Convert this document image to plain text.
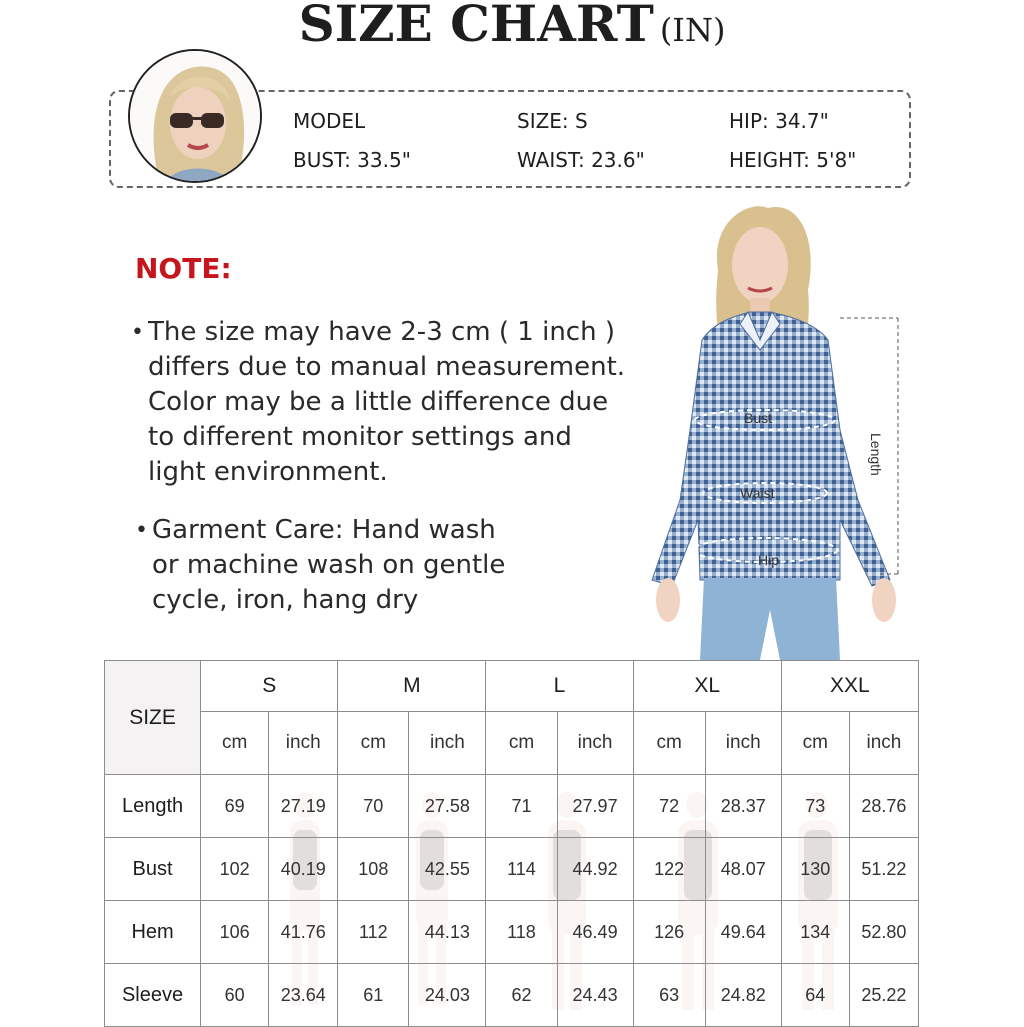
SIZE CHART (IN)
MODEL	SIZE: S	HIP: 34.7"
BUST: 33.5"	WAIST: 23.6"	HEIGHT: 5'8"
NOTE:
• The size may have 2-3 cm ( 1 inch )
differs due to manual measurement.
Color may be a little difference due
to different monitor settings and
light environment.
• Garment Care: Hand wash
or machine wash on gentle
cycle, iron, hang dry
Bust
Waist
Hip
Length
SIZE	S		M		L		XL		XXL	
	cm	inch	cm	inch	cm	inch	cm	inch	cm	inch
Length	69	27.19	70	27.58	71	27.97	72	28.37	73	28.76
Bust	102	40.19	108	42.55	114	44.92	122	48.07	130	51.22
Hem	106	41.76	112	44.13	118	46.49	126	49.64	134	52.80
Sleeve	60	23.64	61	24.03	62	24.43	63	24.82	64	25.22
